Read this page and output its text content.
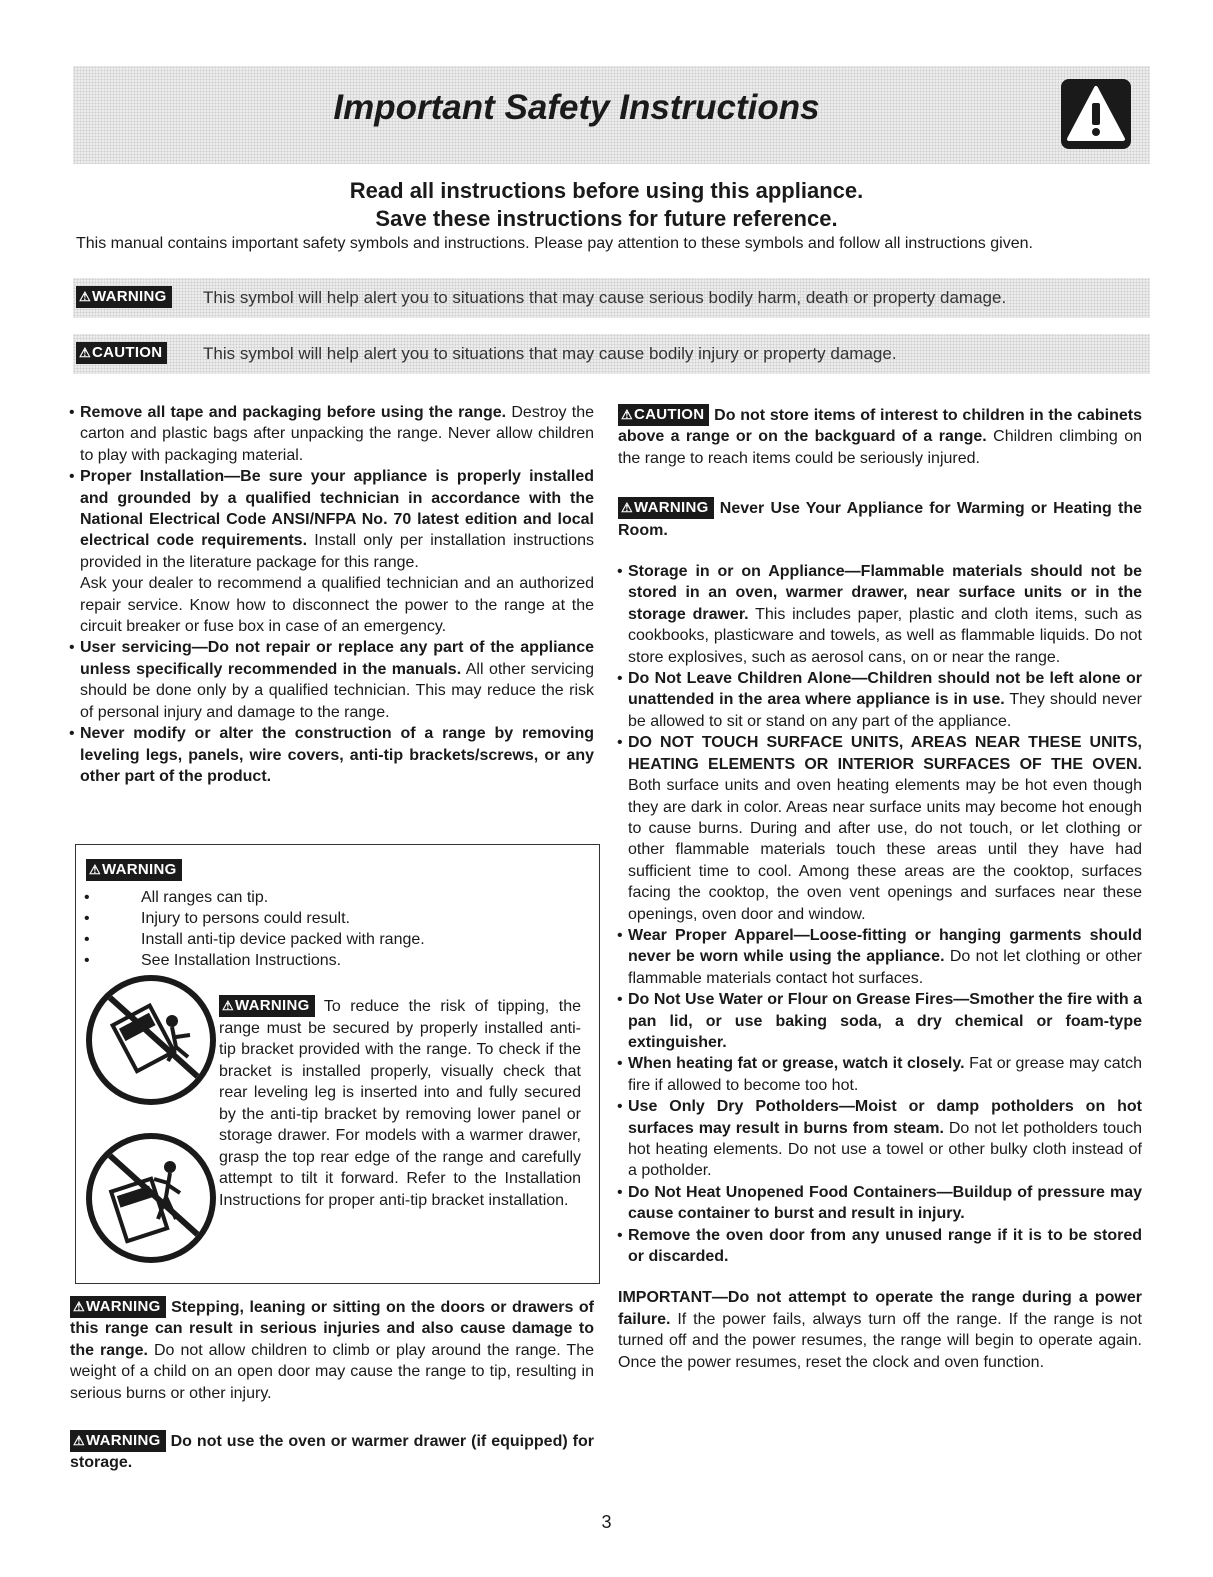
Important Safety Instructions
Read all instructions before using this appliance.
Save these instructions for future reference.
This manual contains important safety symbols and instructions. Please pay attention to these symbols and follow all instructions given.
⚠WARNING This symbol will help alert you to situations that may cause serious bodily harm, death or property damage.
⚠CAUTION This symbol will help alert you to situations that may cause bodily injury or property damage.

• Remove all tape and packaging before using the range. Destroy the carton and plastic bags after unpacking the range. Never allow children to play with packaging material.

• Proper Installation—Be sure your appliance is properly installed and grounded by a qualified technician in accordance with the National Electrical Code ANSI/NFPA No. 70 latest edition and local electrical code requirements. Install only per installation instructions provided in the literature package for this range.

Ask your dealer to recommend a qualified technician and an authorized repair service. Know how to disconnect the power to the range at the circuit breaker or fuse box in case of an emergency.

• User servicing—Do not repair or replace any part of the appliance unless specifically recommended in the manuals. All other servicing should be done only by a qualified technician. This may reduce the risk of personal injury and damage to the range.

• Never modify or alter the construction of a range by removing leveling legs, panels, wire covers, anti-tip brackets/screws, or any other part of the product.

⚠WARNING
• All ranges can tip.
• Injury to persons could result.
• Install anti-tip device packed with range.
• See Installation Instructions.

⚠WARNING To reduce the risk of tipping, the range must be secured by properly installed anti-tip bracket provided with the range. To check if the bracket is installed properly, visually check that rear leveling leg is inserted into and fully secured by the anti-tip bracket by removing lower panel or storage drawer. For models with a warmer drawer, grasp the top rear edge of the range and carefully attempt to tilt it forward. Refer to the Installation Instructions for proper anti-tip bracket installation.

⚠WARNING Stepping, leaning or sitting on the doors or drawers of this range can result in serious injuries and also cause damage to the range. Do not allow children to climb or play around the range. The weight of a child on an open door may cause the range to tip, resulting in serious burns or other injury.

⚠WARNING Do not use the oven or warmer drawer (if equipped) for storage.

⚠CAUTION Do not store items of interest to children in the cabinets above a range or on the backguard of a range. Children climbing on the range to reach items could be seriously injured.

⚠WARNING Never Use Your Appliance for Warming or Heating the Room.

• Storage in or on Appliance—Flammable materials should not be stored in an oven, warmer drawer, near surface units or in the storage drawer. This includes paper, plastic and cloth items, such as cookbooks, plasticware and towels, as well as flammable liquids. Do not store explosives, such as aerosol cans, on or near the range.

• Do Not Leave Children Alone—Children should not be left alone or unattended in the area where appliance is in use. They should never be allowed to sit or stand on any part of the appliance.

• DO NOT TOUCH SURFACE UNITS, AREAS NEAR THESE UNITS, HEATING ELEMENTS OR INTERIOR SURFACES OF THE OVEN. Both surface units and oven heating elements may be hot even though they are dark in color. Areas near surface units may become hot enough to cause burns. During and after use, do not touch, or let clothing or other flammable materials touch these areas until they have had sufficient time to cool. Among these areas are the cooktop, surfaces facing the cooktop, the oven vent openings and surfaces near these openings, oven door and window.

• Wear Proper Apparel—Loose-fitting or hanging garments should never be worn while using the appliance. Do not let clothing or other flammable materials contact hot surfaces.

• Do Not Use Water or Flour on Grease Fires—Smother the fire with a pan lid, or use baking soda, a dry chemical or foam-type extinguisher.

• When heating fat or grease, watch it closely. Fat or grease may catch fire if allowed to become too hot.

• Use Only Dry Potholders—Moist or damp potholders on hot surfaces may result in burns from steam. Do not let potholders touch hot heating elements. Do not use a towel or other bulky cloth instead of a potholder.

• Do Not Heat Unopened Food Containers—Buildup of pressure may cause container to burst and result in injury.

• Remove the oven door from any unused range if it is to be stored or discarded.

IMPORTANT—Do not attempt to operate the range during a power failure. If the power fails, always turn off the range. If the range is not turned off and the power resumes, the range will begin to operate again. Once the power resumes, reset the clock and oven function.

3
